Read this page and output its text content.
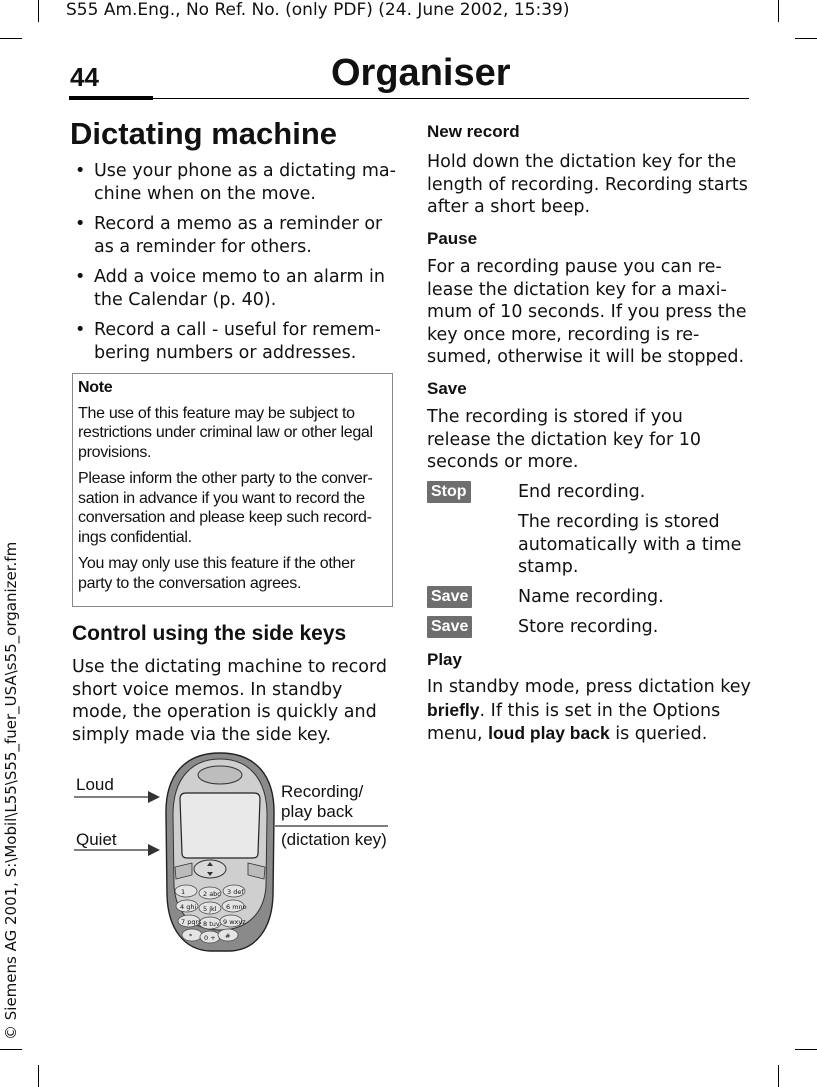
S55 Am.Eng., No Ref. No. (only PDF) (24. June 2002, 15:39)
44	Organiser
© Siemens AG 2001, S:\Mobil\L55\S55_fuer_USA\s55_organizer.fm
Dictating machine
• Use your phone as a dictating ma-chine when on the move.
• Record a memo as a reminder or as a reminder for others.
• Add a voice memo to an alarm in the Calendar (p. 40).
• Record a call - useful for remem-bering numbers or addresses.

Note

The use of this feature may be subject to restrictions under criminal law or other legal provisions.

Please inform the other party to the conver-sation in advance if you want to record the conversation and please keep such record-ings confidential.

You may only use this feature if the other party to the conversation agrees.

Control using the side keys
Use the dictating machine to record short voice memos. In standby mode, the operation is quickly and simply made via the side key.
Loud
Quiet
Recording/
play back
(dictation key)
1	2 abc 3 def
4 ghi 5 jkl 6 mno
7 pqrs 8 tuv 9 wxyz
* 0 + #
New record
Hold down the dictation key for the length of recording. Recording starts after a short beep.
Pause
For a recording pause you can re-lease the dictation key for a maxi-mum of 10 seconds. If you press the key once more, recording is re-sumed, otherwise it will be stopped.
Save
The recording is stored if you release the dictation key for 10 seconds or more.
Stop	End recording.
The recording is stored automatically with a time stamp.
Save	Name recording.
Save	Store recording.
Play
In standby mode, press dictation key briefly. If this is set in the Options menu, loud play back is queried.
